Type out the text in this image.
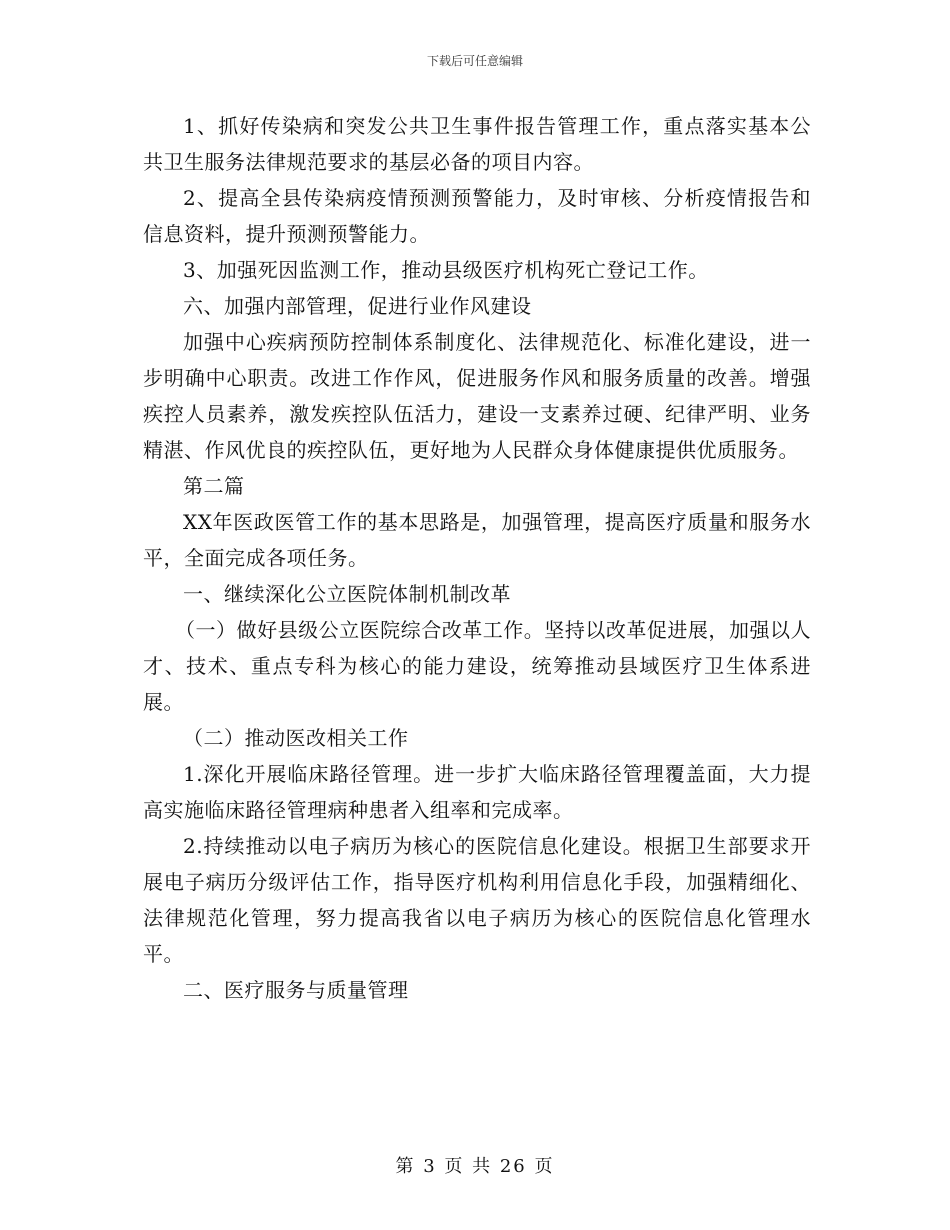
下载后可任意编辑

1、抓好传染病和突发公共卫生事件报告管理工作，重点落实基本公共卫生服务法律规范要求的基层必备的项目内容。

2、提高全县传染病疫情预测预警能力，及时审核、分析疫情报告和信息资料，提升预测预警能力。

3、加强死因监测工作，推动县级医疗机构死亡登记工作。

六、加强内部管理，促进行业作风建设

加强中心疾病预防控制体系制度化、法律规范化、标准化建设，进一步明确中心职责。改进工作作风，促进服务作风和服务质量的改善。增强疾控人员素养，激发疾控队伍活力，建设一支素养过硬、纪律严明、业务精湛、作风优良的疾控队伍，更好地为人民群众身体健康提供优质服务。

第二篇

XX年医政医管工作的基本思路是，加强管理，提高医疗质量和服务水平，全面完成各项任务。

一、继续深化公立医院体制机制改革

（一）做好县级公立医院综合改革工作。坚持以改革促进展，加强以人才、技术、重点专科为核心的能力建设，统筹推动县域医疗卫生体系进展。

（二）推动医改相关工作

1.深化开展临床路径管理。进一步扩大临床路径管理覆盖面，大力提高实施临床路径管理病种患者入组率和完成率。

2.持续推动以电子病历为核心的医院信息化建设。根据卫生部要求开展电子病历分级评估工作，指导医疗机构利用信息化手段，加强精细化、法律规范化管理，努力提高我省以电子病历为核心的医院信息化管理水平。

二、医疗服务与质量管理

第 3 页 共 26 页
